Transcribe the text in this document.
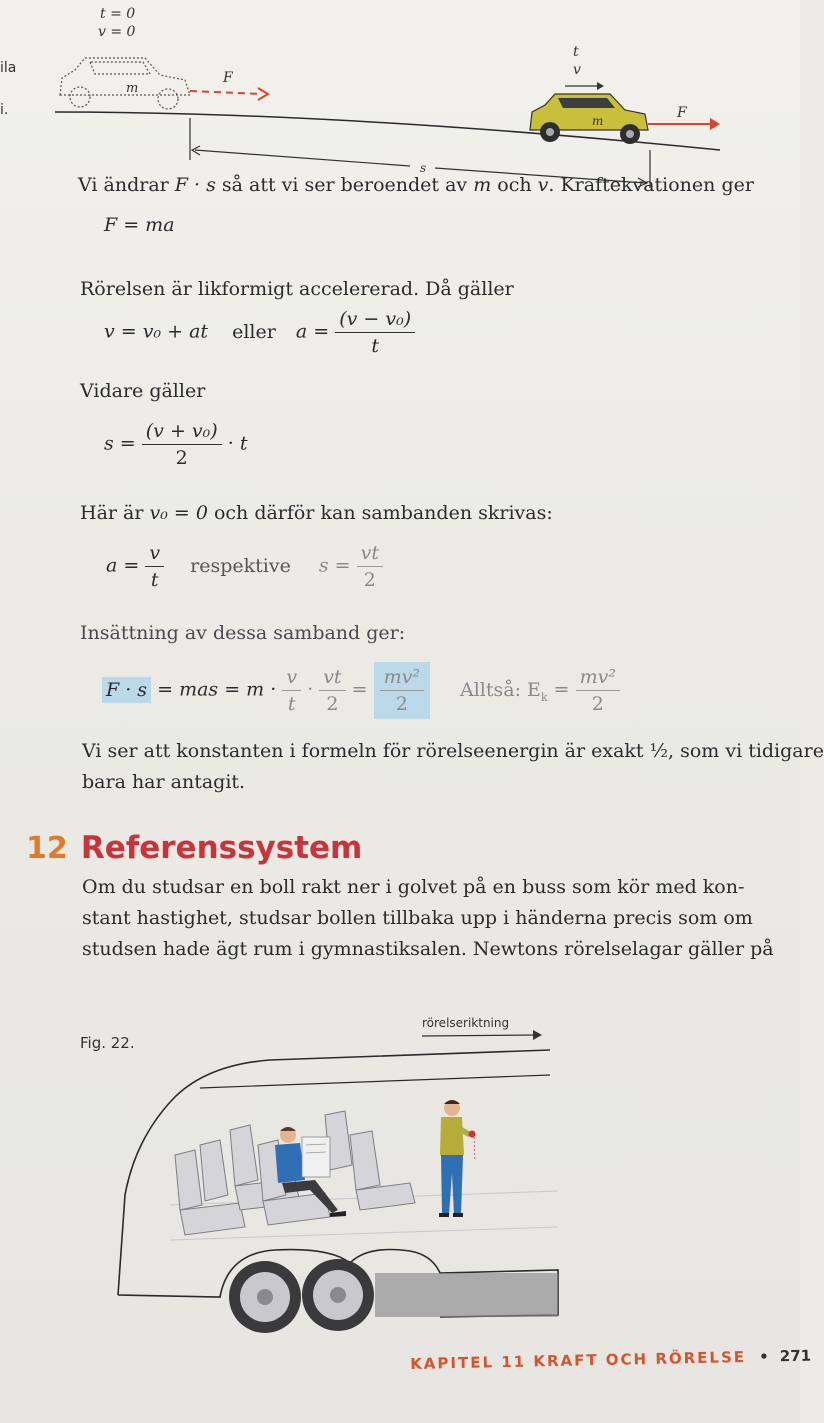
ila
i.
m
F
t = 0
v = 0
m	F
t
v
s
Vi ändrar F · s så att vi ser beroendet av m och v. Kraftekvationen ger
F = ma
Rörelsen är likformigt accelererad. Då gäller
v = v₀ + at eller $a = \frac{\text{(v − v₀)}}{t}$
Vidare gäller
$s = \frac{\text{(v + v₀)}}{2} \cdot t$
Här är v₀ = 0 och därför kan sambanden skrivas:
$a = \frac{v}{t}$ respektive $s = \frac{vt}{2}$
Insättning av dessa samband ger:
F · s = mas = $m \cdot \frac{v}{t} \cdot \frac{vt}{2} = \frac{\text{mv²}}{2}$ Alltså: $E_k = \frac{\text{mv²}}{2}$
Vi ser att konstanten i formeln för rörelseenergin är exakt ½, som vi tidigare
bara har antagit.
12 Referenssystem
Om du studsar en boll rakt ner i golvet på en buss som kör med kon-
stant hastighet, studsar bollen tillbaka upp i händerna precis som om
studsen hade ägt rum i gymnastiksalen. Newtons rörelselagar gäller på
Fig. 22.
rörelseriktning
KAPITEL 11 KRAFT OCH RÖRELSE • 271
